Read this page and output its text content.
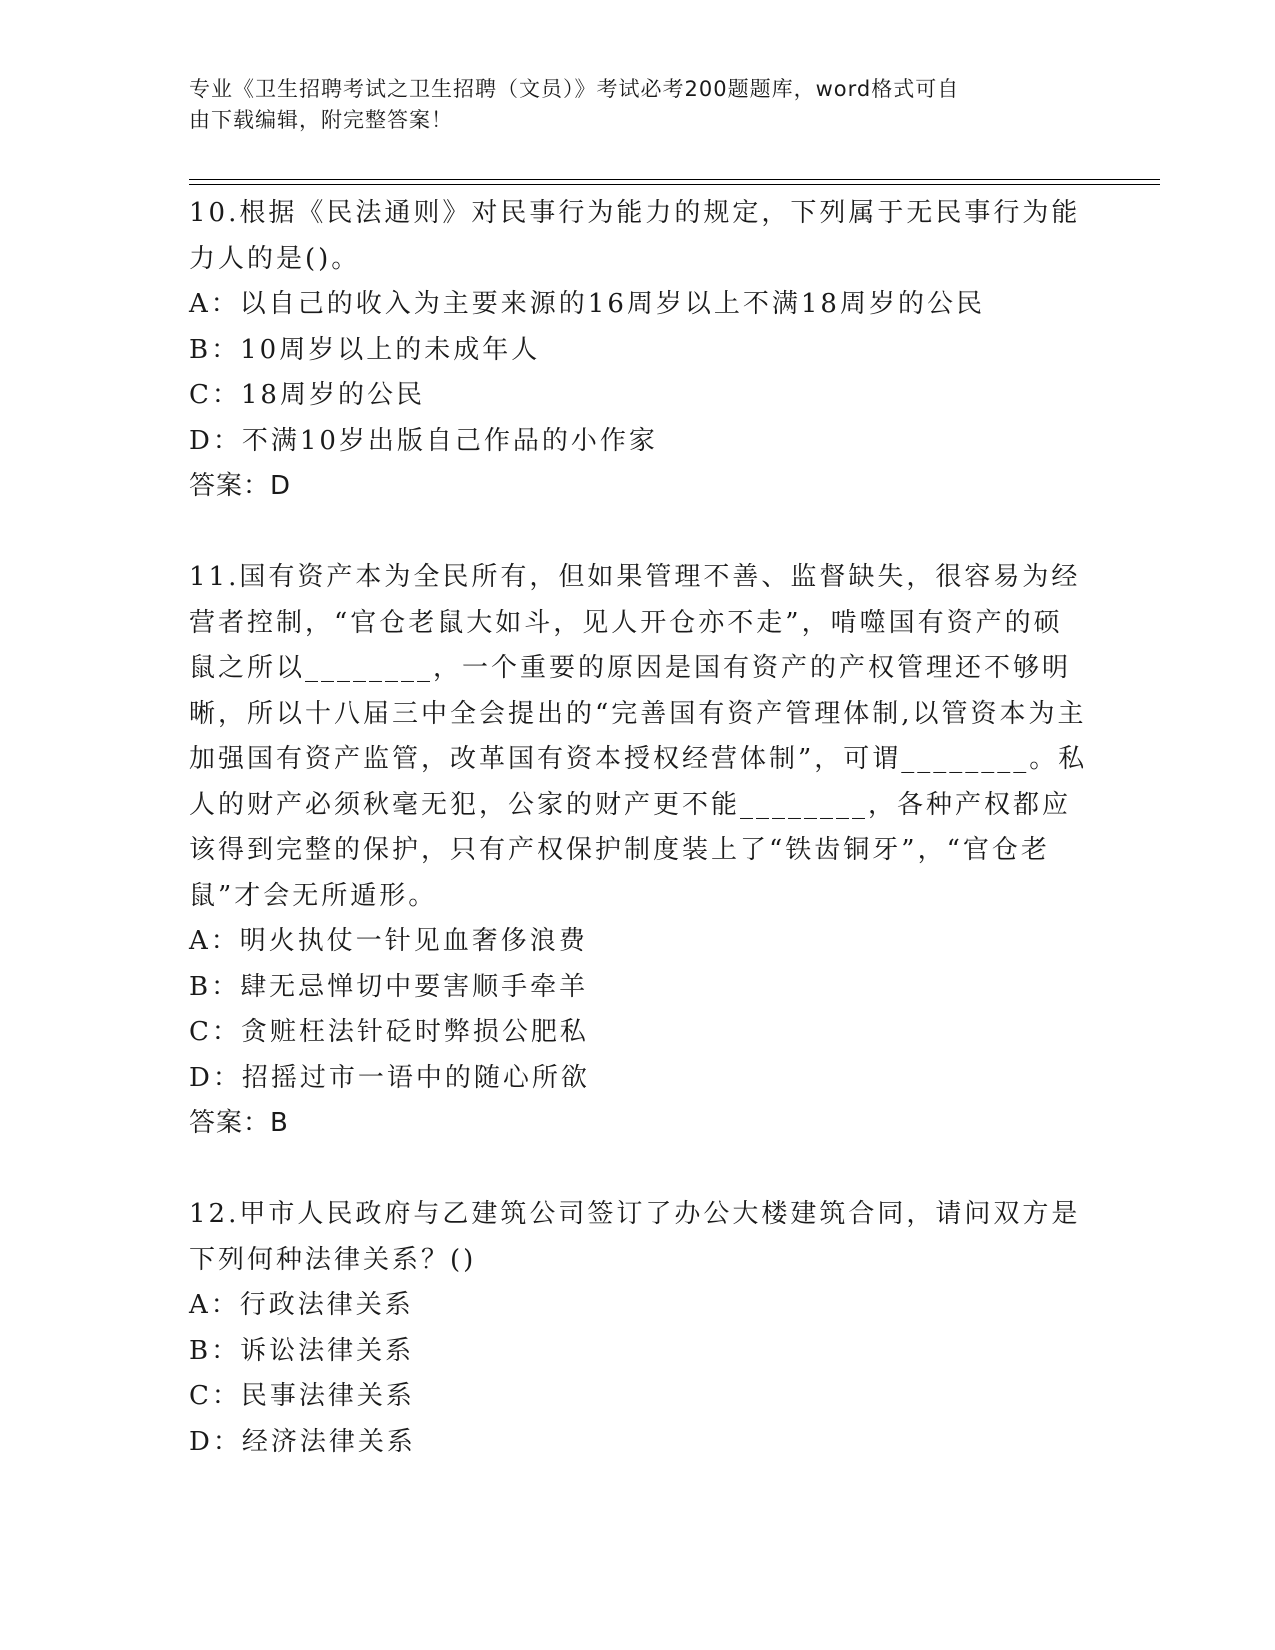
专业《卫生招聘考试之卫生招聘（文员）》考试必考200题题库，word格式可自
由下载编辑，附完整答案！

10.根据《民法通则》对民事行为能力的规定，下列属于无民事行为能力人的是()。

A：以自己的收入为主要来源的16周岁以上不满18周岁的公民

B：10周岁以上的未成年人

C：18周岁的公民

D：不满10岁出版自己作品的小作家

答案：D

11.国有资产本为全民所有，但如果管理不善、监督缺失，很容易为经营者控制，“官仓老鼠大如斗，见人开仓亦不走”，啃噬国有资产的硕鼠之所以________，一个重要的原因是国有资产的产权管理还不够明晰，所以十八届三中全会提出的“完善国有资产管理体制,以管资本为主加强国有资产监管，改革国有资本授权经营体制”，可谓________。私人的财产必须秋毫无犯，公家的财产更不能________，各种产权都应该得到完整的保护，只有产权保护制度装上了“铁齿铜牙”，“官仓老鼠”才会无所遁形。

A：明火执仗一针见血奢侈浪费

B：肆无忌惮切中要害顺手牵羊

C：贪赃枉法针砭时弊损公肥私

D：招摇过市一语中的随心所欲

答案：B

12.甲市人民政府与乙建筑公司签订了办公大楼建筑合同，请问双方是下列何种法律关系？()

A：行政法律关系

B：诉讼法律关系

C：民事法律关系

D：经济法律关系
